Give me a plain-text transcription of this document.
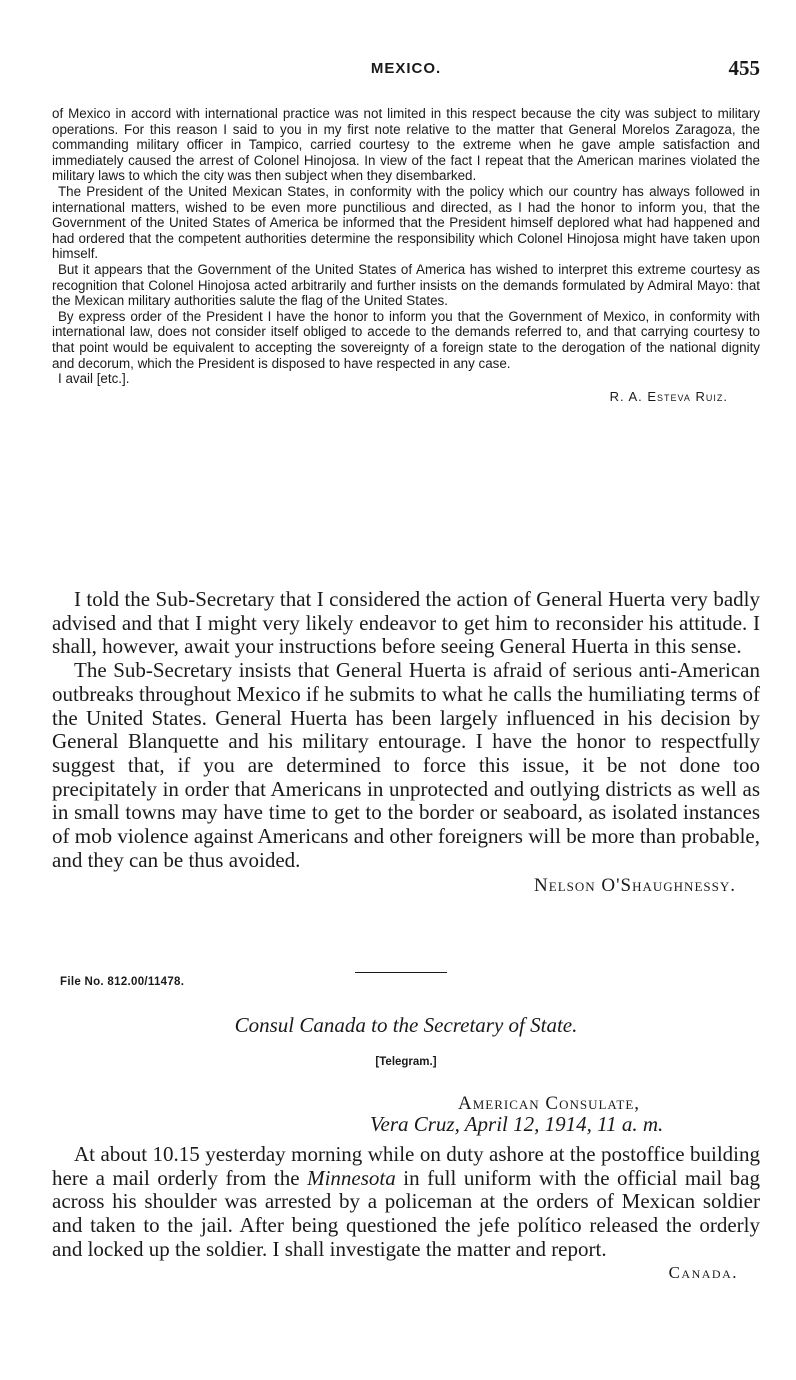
MEXICO.	455

of Mexico in accord with international practice was not limited in this respect because the city was subject to military operations. For this reason I said to you in my first note relative to the matter that General Morelos Zaragoza, the commanding military officer in Tampico, carried courtesy to the extreme when he gave ample satisfaction and immediately caused the arrest of Colonel Hinojosa. In view of the fact I repeat that the American marines violated the military laws to which the city was then subject when they disembarked.

The President of the United Mexican States, in conformity with the policy which our country has always followed in international matters, wished to be even more punctilious and directed, as I had the honor to inform you, that the Government of the United States of America be informed that the President himself deplored what had happened and had ordered that the competent authorities determine the responsibility which Colonel Hinojosa might have taken upon himself.

But it appears that the Government of the United States of America has wished to interpret this extreme courtesy as recognition that Colonel Hinojosa acted arbitrarily and further insists on the demands formulated by Admiral Mayo: that the Mexican military authorities salute the flag of the United States.

By express order of the President I have the honor to inform you that the Government of Mexico, in conformity with international law, does not consider itself obliged to accede to the demands referred to, and that carrying courtesy to that point would be equivalent to accepting the sovereignty of a foreign state to the derogation of the national dignity and decorum, which the President is disposed to have respected in any case.

I avail [etc.].

R. A. Esteva Ruiz.

I told the Sub-Secretary that I considered the action of General Huerta very badly advised and that I might very likely endeavor to get him to reconsider his attitude. I shall, however, await your instructions before seeing General Huerta in this sense.

The Sub-Secretary insists that General Huerta is afraid of serious anti-American outbreaks throughout Mexico if he submits to what he calls the humiliating terms of the United States. General Huerta has been largely influenced in his decision by General Blanquette and his military entourage. I have the honor to respectfully suggest that, if you are determined to force this issue, it be not done too precipitately in order that Americans in unprotected and outlying districts as well as in small towns may have time to get to the border or seaboard, as isolated instances of mob violence against Americans and other foreigners will be more than probable, and they can be thus avoided.

Nelson O'Shaughnessy.
File No. 812.00/11478.
Consul Canada to the Secretary of State.
[Telegram.]
American Consulate,
Vera Cruz, April 12, 1914, 11 a. m.

At about 10.15 yesterday morning while on duty ashore at the postoffice building here a mail orderly from the Minnesota in full uniform with the official mail bag across his shoulder was arrested by a policeman at the orders of Mexican soldier and taken to the jail. After being questioned the jefe político released the orderly and locked up the soldier. I shall investigate the matter and report.

Canada.
